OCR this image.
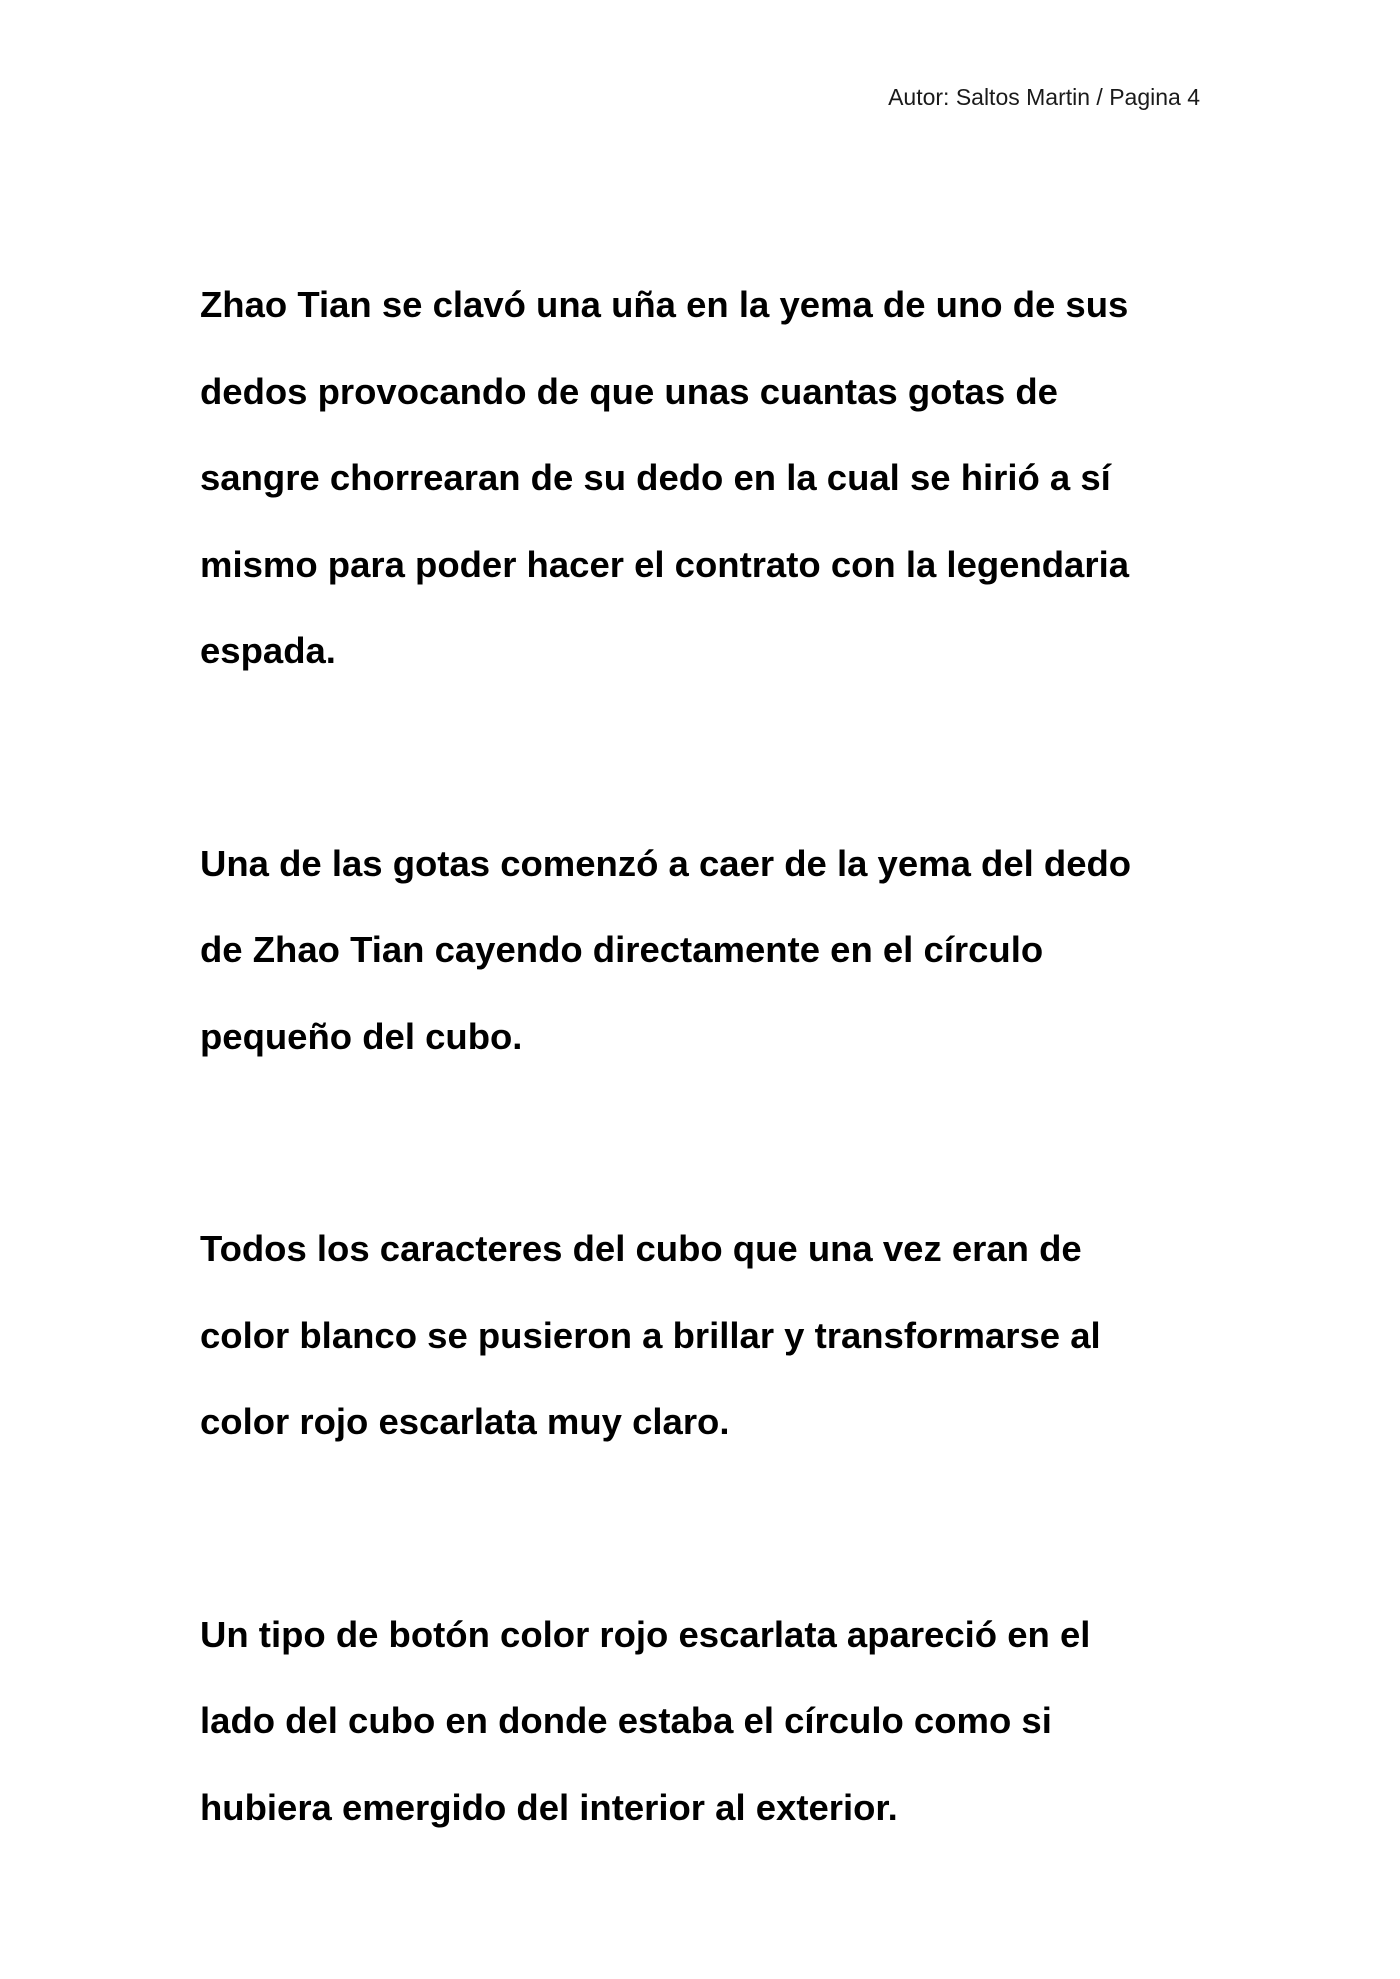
Autor: Saltos Martin / Pagina 4

Zhao Tian se clavó una uña en la yema de uno de sus
dedos provocando de que unas cuantas gotas de
sangre chorrearan de su dedo en la cual se hirió a sí
mismo para poder hacer el contrato con la legendaria
espada.

Una de las gotas comenzó a caer de la yema del dedo
de Zhao Tian cayendo directamente en el círculo
pequeño del cubo.

Todos los caracteres del cubo que una vez eran de
color blanco se pusieron a brillar y transformarse al
color rojo escarlata muy claro.

Un tipo de botón color rojo escarlata apareció en el
lado del cubo en donde estaba el círculo como si
hubiera emergido del interior al exterior.
